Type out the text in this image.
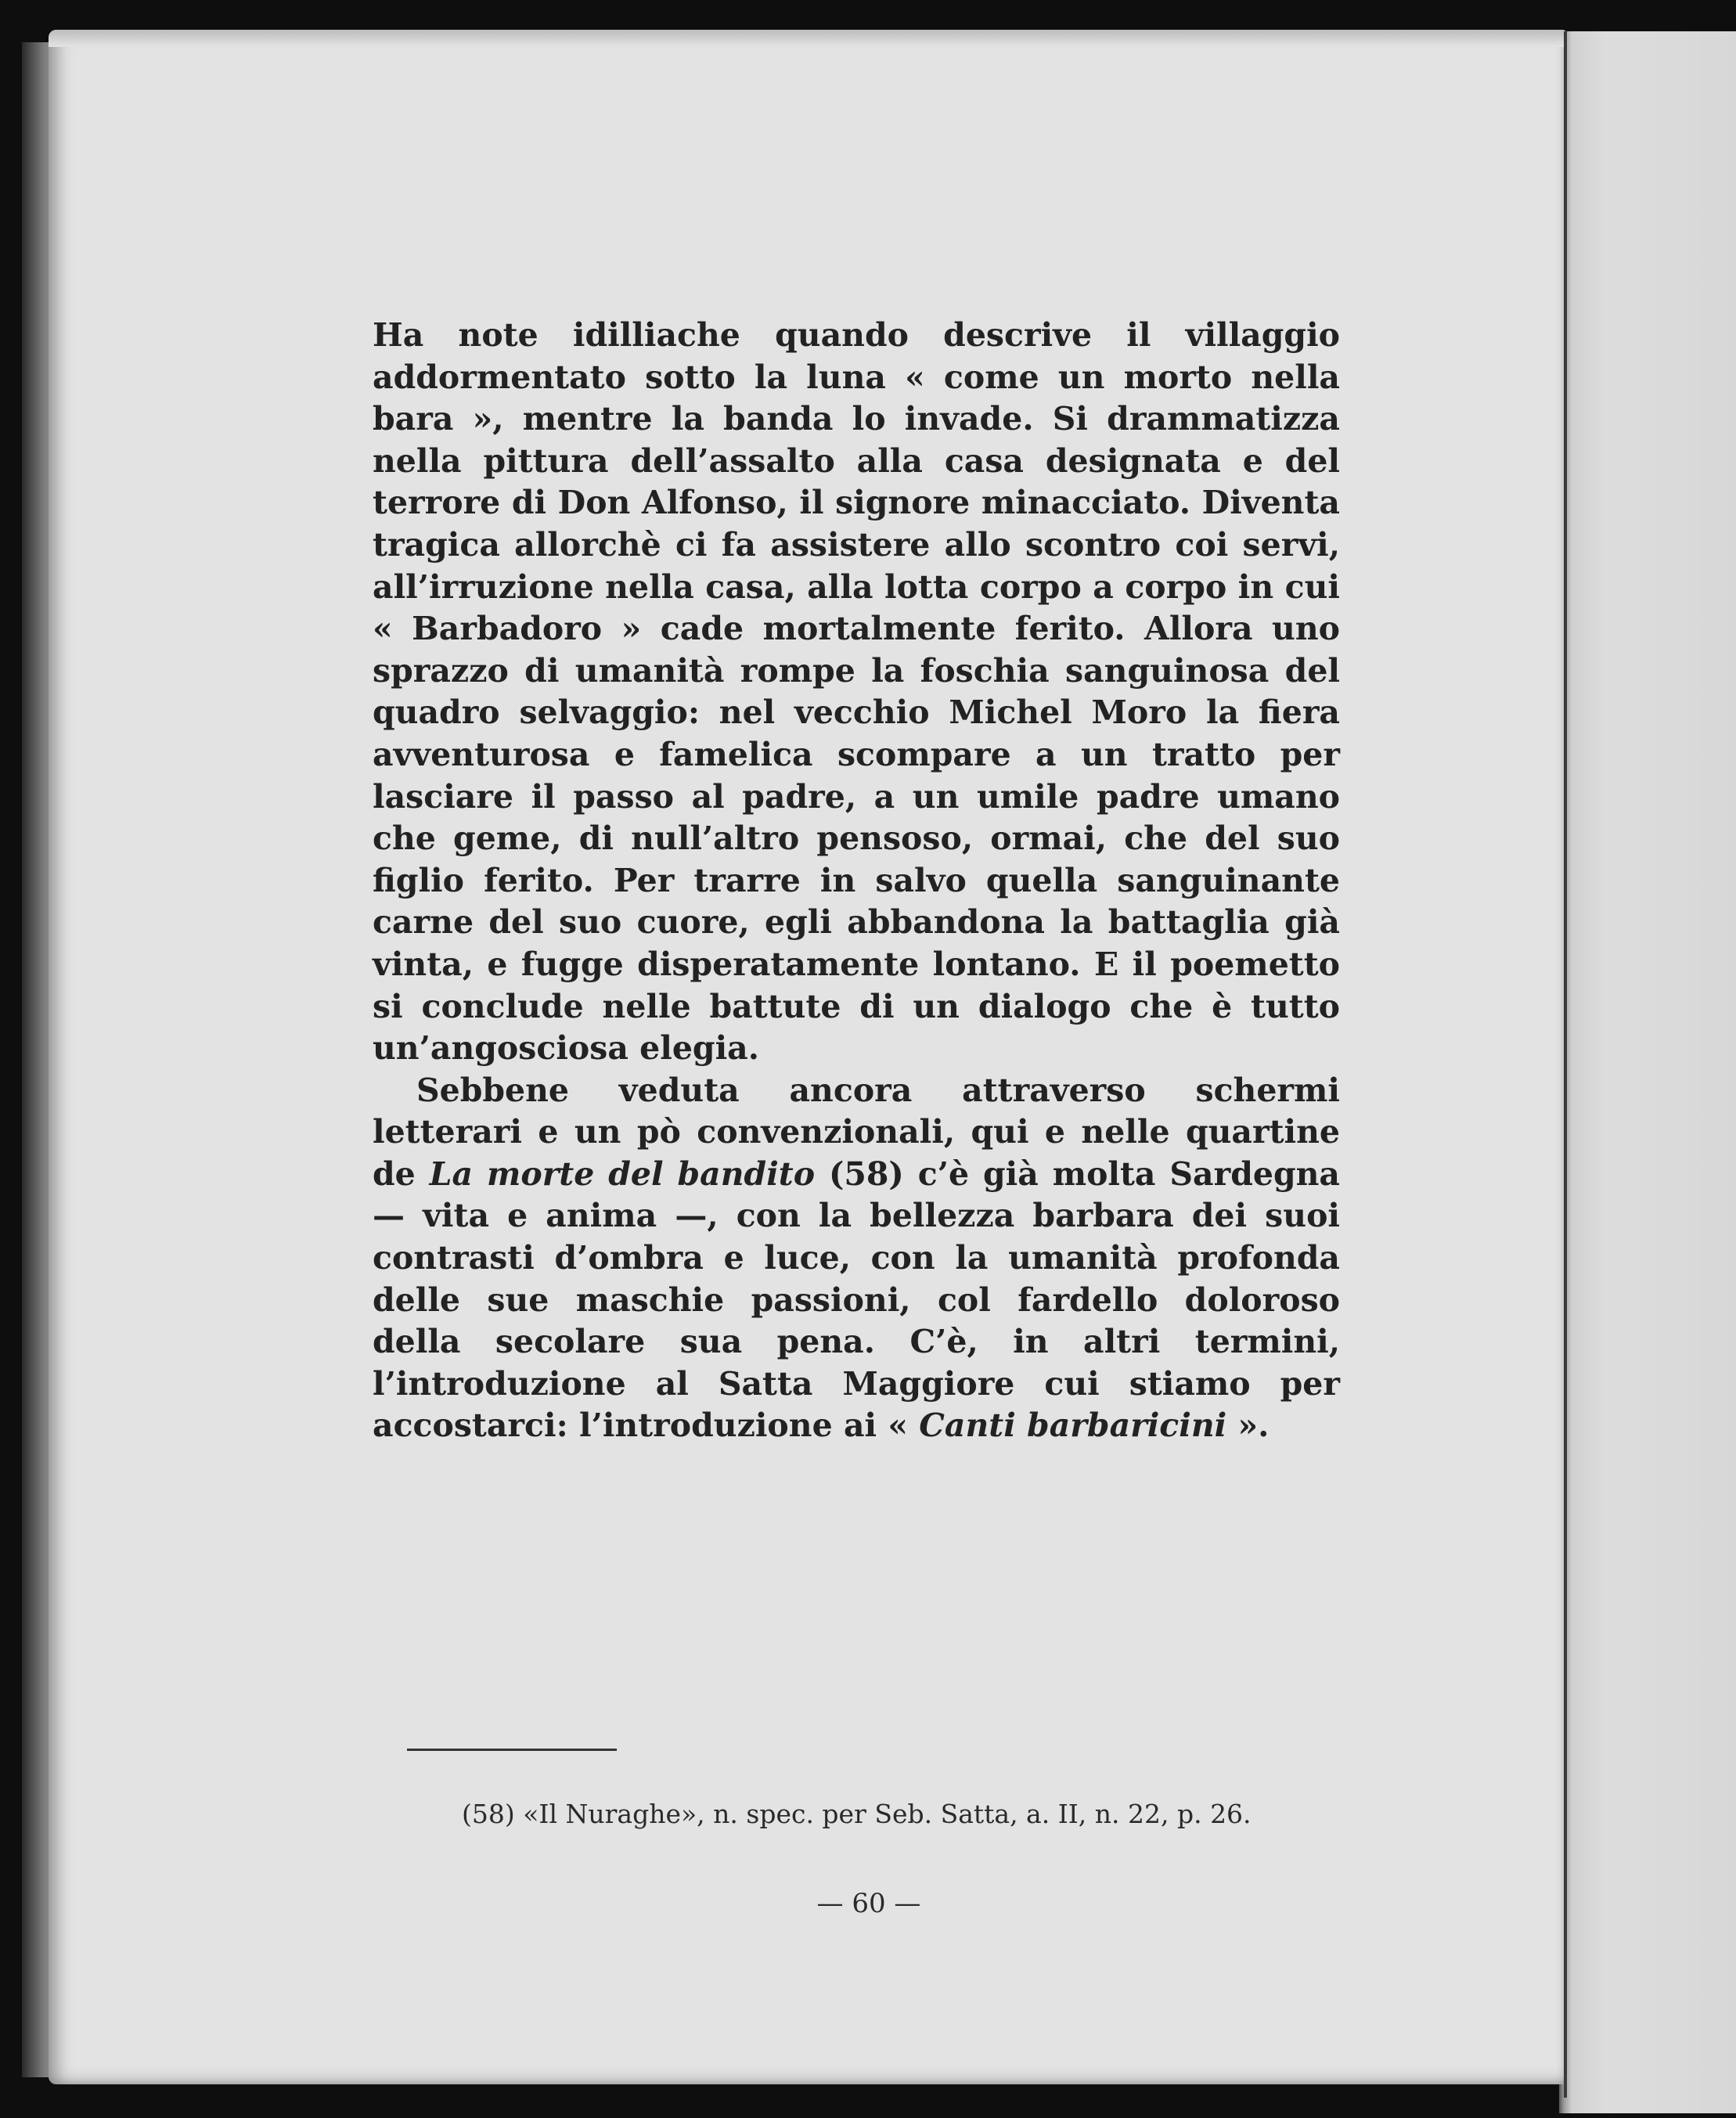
Ha note idilliache quando descrive il villaggio addormentato sotto la luna « come un morto nella bara », mentre la banda lo invade. Si drammatizza nella pittura dell’assalto alla casa designata e del terrore di Don Alfonso, il signore minacciato. Diventa tragica allorchè ci fa assistere allo scontro coi servi, all’irruzione nella casa, alla lotta corpo a corpo in cui « Barbadoro » cade mortalmente ferito. Allora uno sprazzo di umanità rompe la foschia sanguinosa del quadro selvaggio: nel vecchio Michel Moro la fiera avventurosa e famelica scompare a un tratto per lasciare il passo al padre, a un umile padre umano che geme, di null’altro pensoso, ormai, che del suo figlio ferito. Per trarre in salvo quella sanguinante carne del suo cuore, egli abbandona la battaglia già vinta, e fugge disperatamente lontano. E il poemetto si conclude nelle battute di un dialogo che è tutto un’angosciosa elegia.

Sebbene veduta ancora attraverso schermi letterari e un pò convenzionali, qui e nelle quartine de La morte del bandito (58) c’è già molta Sardegna — vita e anima —, con la bellezza barbara dei suoi contrasti d’ombra e luce, con la umanità profonda delle sue maschie passioni, col fardello doloroso della secolare sua pena. C’è, in altri termini, l’introduzione al Satta Maggiore cui stiamo per accostarci: l’introduzione ai « Canti barbaricini ».

(58) «Il Nuraghe», n. spec. per Seb. Satta, a. II, n. 22, p. 26.
— 60 —
